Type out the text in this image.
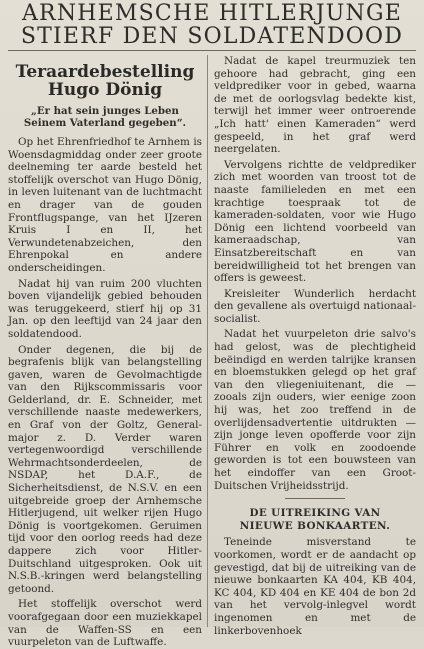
ARNHEMSCHE HITLERJUNGE
STIERF DEN SOLDATENDOOD
Teraardebestelling
Hugo Dönig
„Er hat sein junges Leben Seinem Vaterland gegeben“.

Op het Ehrenfriedhof te Arnhem is Woensdagmiddag onder zeer groote deelneming ter aarde besteld het stoffelijk overschot van Hugo Dönig, in leven luitenant van de luchtmacht en drager van de gouden Frontflugspange, van het IJzeren Kruis I en II, het Verwundetenabzeichen, den Ehrenpokal en andere onderscheidingen.

Nadat hij van ruim 200 vluchten boven vijandelijk gebied behouden was teruggekeerd, stierf hij op 31 Jan. op den leeftijd van 24 jaar den soldatendood.

Onder degenen, die bij de begrafenis blijk van belangstelling gaven, waren de Gevolmachtigde van den Rijkscommissaris voor Gelderland, dr. E. Schneider, met verschillende naaste medewerkers, en Graf von der Goltz, General-major z. D. Verder waren vertegenwoordigd verschillende Wehrmachtsonderdeelen, de NSDAP, het D.A.F., de Sicherheitsdienst, de N.S.V. en een uitgebreide groep der Arnhemsche Hitlerjugend, uit welker rijen Hugo Dönig is voortgekomen. Geruimen tijd voor den oorlog reeds had deze dappere zich voor Hitler-Duitschland uitgesproken. Ook uit N.S.B.-kringen werd belangstelling getoond.

Het stoffelijk overschot werd voorafgegaan door een muziekkapel van de Waffen-SS en een vuurpeleton van de Luftwaffe.

Nadat de kapel treurmuziek ten gehoore had gebracht, ging een veldprediker voor in gebed, waarna de met de oorlogsvlag bedekte kist, terwijl het immer weer ontroerende „Ich hatt' einen Kameraden“ werd gespeeld, in het graf werd neergelaten.

Vervolgens richtte de veldprediker zich met woorden van troost tot de naaste familieleden en met een krachtige toespraak tot de kameraden-soldaten, voor wie Hugo Dönig een lichtend voorbeeld van kameraadschap, van Einsatzbereitschaft en van bereidwilligheid tot het brengen van offers is geweest.

Kreisleiter Wunderlich herdacht den gevallene als overtuigd nationaal-socialist.

Nadat het vuurpeleton drie salvo's had gelost, was de plechtigheid beëindigd en werden talrijke kransen en bloemstukken gelegd op het graf van den vliegeniuitenant, die — zooals zijn ouders, wier eenige zoon hij was, het zoo treffend in de overlijdensadvertentie uitdrukten — zijn jonge leven opofferde voor zijn Führer en volk en zoodoende geworden is tot een bouwsteen van het eindoffer van een Groot-Duitschen Vrijheidsstrijd.

DE UITREIKING VAN
NIEUWE BONKAARTEN.

Teneinde misverstand te voorkomen, wordt er de aandacht op gevestigd, dat bij de uitreiking van de nieuwe bonkaarten KA 404, KB 404, KC 404, KD 404 en KE 404 de bon 2d van het vervolg-inlegvel wordt ingenomen en met de linkerbovenhoek
